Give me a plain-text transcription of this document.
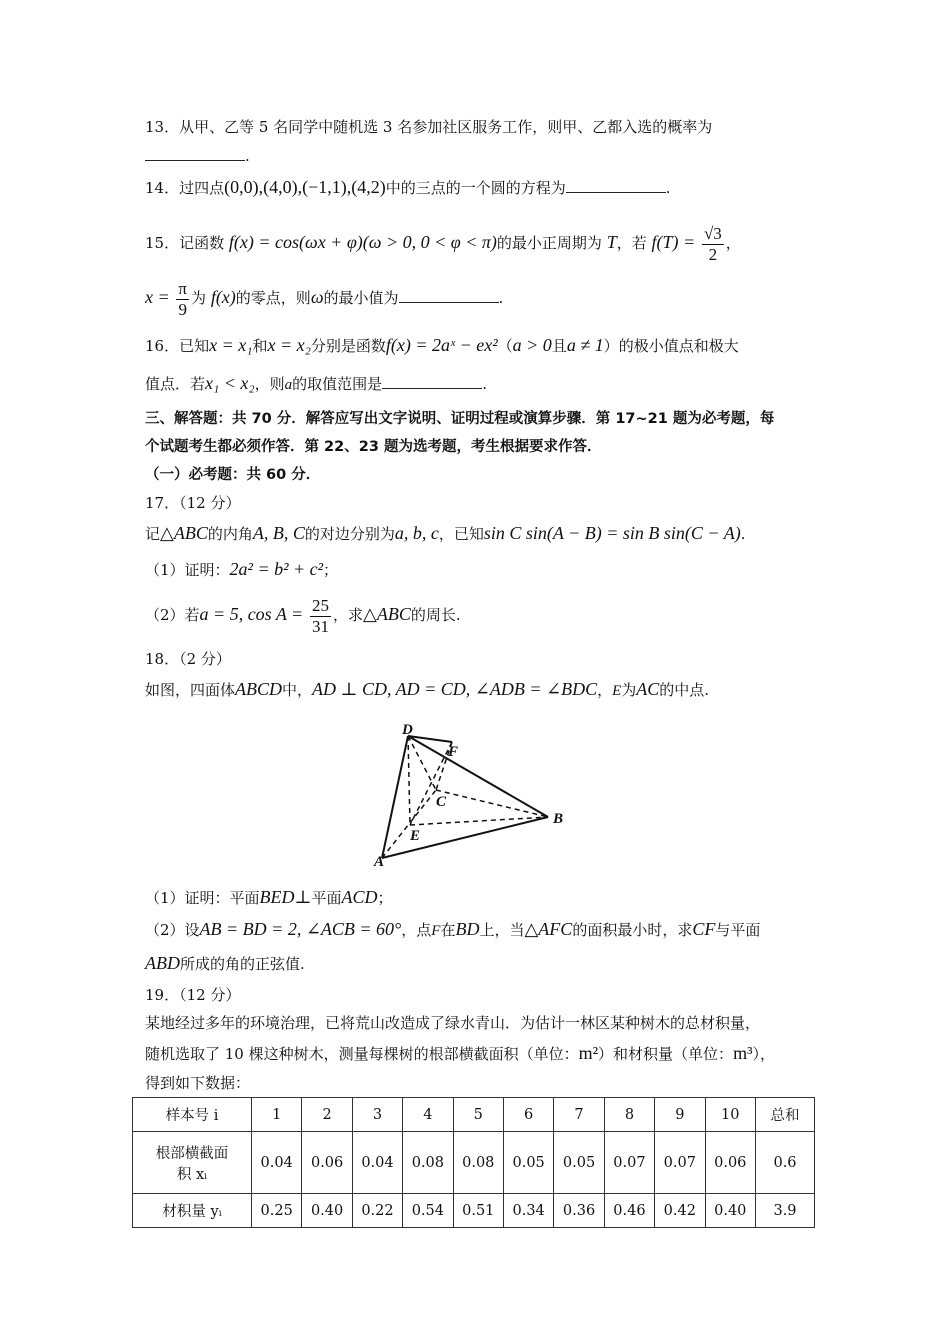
13．从甲、乙等 5 名同学中随机选 3 名参加社区服务工作，则甲、乙都入选的概率为
.
14．过四点(0,0),(4,0),(−1,1),(4,2)中的三点的一个圆的方程为	.
15．记函数 f(x) = cos(ωx + φ)(ω > 0, 0 < φ < π)的最小正周期为 T，若 $f(T) = \frac{√3}{2}$ ，
$x = \frac{\pi}{9}$ 为 f(x)的零点，则ω的最小值为	.
16．已知x = x₁和x = x₂分别是函数f(x) = 2aˣ − ex²（a > 0且a ≠ 1）的极小值点和极大
值点．若x₁ < x₂，则a的取值范围是	.
三、解答题：共 70 分．解答应写出文字说明、证明过程或演算步骤．第 17~21 题为必考题，每
个试题考生都必须作答．第 22、23 题为选考题，考生根据要求作答．
（一）必考题：共 60 分．
17．（12 分）
记△ABC的内角A, B, C的对边分别为a, b, c，已知sin C sin(A − B) = sin B sin(C − A).
（1）证明：2a² = b² + c²；
（2）若a = 5, $\cos A = \frac{25}{31}$ ，求△ABC的周长.
18．（2 分）
如图，四面体ABCD中，AD ⊥ CD, AD = CD, ∠ADB = ∠BDC，E为AC的中点.
D
F
C
E
B
A
（1）证明：平面BED⊥平面ACD；
（2）设AB = BD = 2, ∠ACB = 60°，点F在BD上，当△AFC的面积最小时，求CF与平面
ABD所成的角的正弦值.
19．（12 分）
某地经过多年的环境治理，已将荒山改造成了绿水青山．为估计一林区某种树木的总材积量，
随机选取了 10 棵这种树木，测量每棵树的根部横截面积（单位：m²）和材积量（单位：m³），
得到如下数据：
样本号 i	1	2	3	4	5	6	7	8	9	10	总和

根部横截面
积 xᵢ	0.04	0.06	0.04	0.08	0.08	0.05	0.05	0.07	0.07	0.06	0.6
材积量 yᵢ	0.25	0.40	0.22	0.54	0.51	0.34	0.36	0.46	0.42	0.40	3.9
